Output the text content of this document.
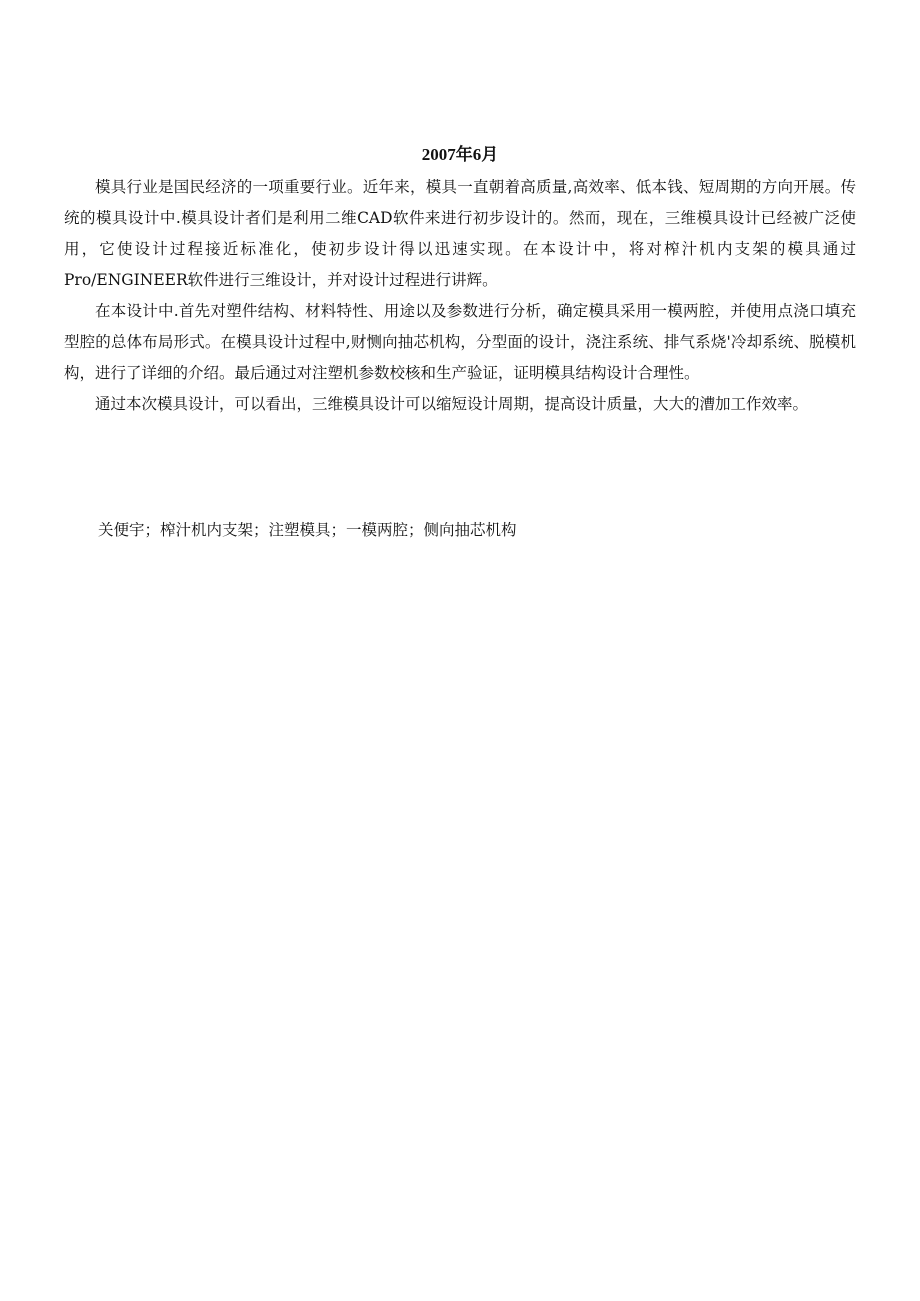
2007年6月

模具行业是国民经济的一项重要行业。近年来，模具一直朝着高质量,高效率、低本钱、短周期的方向开展。传统的模具设计中.模具设计者们是利用二维CAD软件来进行初步设计的。然而，现在，三维模具设计已经被广泛使用，它使设计过程接近标准化，使初步设计得以迅速实现。在本设计中，将对榨汁机内支架的模具通过Pro/ENGINEER软件进行三维设计，并对设计过程进行讲辉。

在本设计中.首先对塑件结构、材料特性、用途以及参数进行分析，确定模具采用一模两腔，并使用点浇口填充型腔的总体布局形式。在模具设计过程中,财恻向抽芯机构，分型面的设计，浇注系统、排气系烧'冷却系统、脱模机构，进行了详细的介绍。最后通过对注塑机参数校核和生产验证，证明模具结构设计合理性。

通过本次模具设计，可以看出，三维模具设计可以缩短设计周期，提高设计质量，大大的漕加工作效率。

关便宇；榨汁机内支架；注塑模具；一模两腔；侧向抽芯机构
